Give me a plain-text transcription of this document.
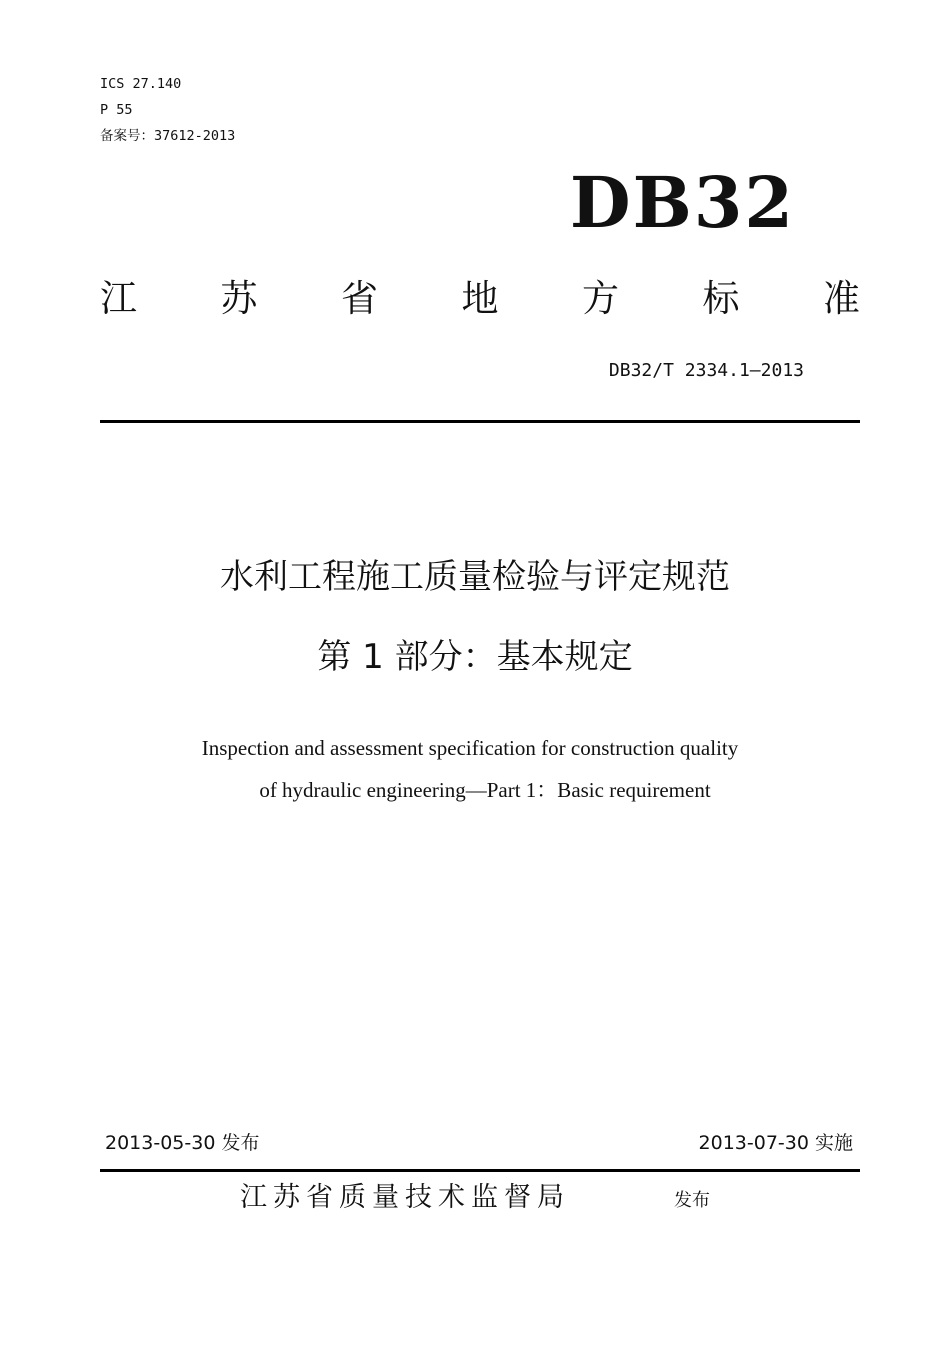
ICS 27.140
P 55
备案号：37612-2013
DB32
江 苏 省 地 方 标 准
DB32/T 2334.1—2013
水利工程施工质量检验与评定规范
第 1 部分：基本规定
Inspection and assessment specification for construction quality
of hydraulic engineering—Part 1：Basic requirement
2013-05-30 发布	2013-07-30 实施
江苏省质量技术监督局	发布
